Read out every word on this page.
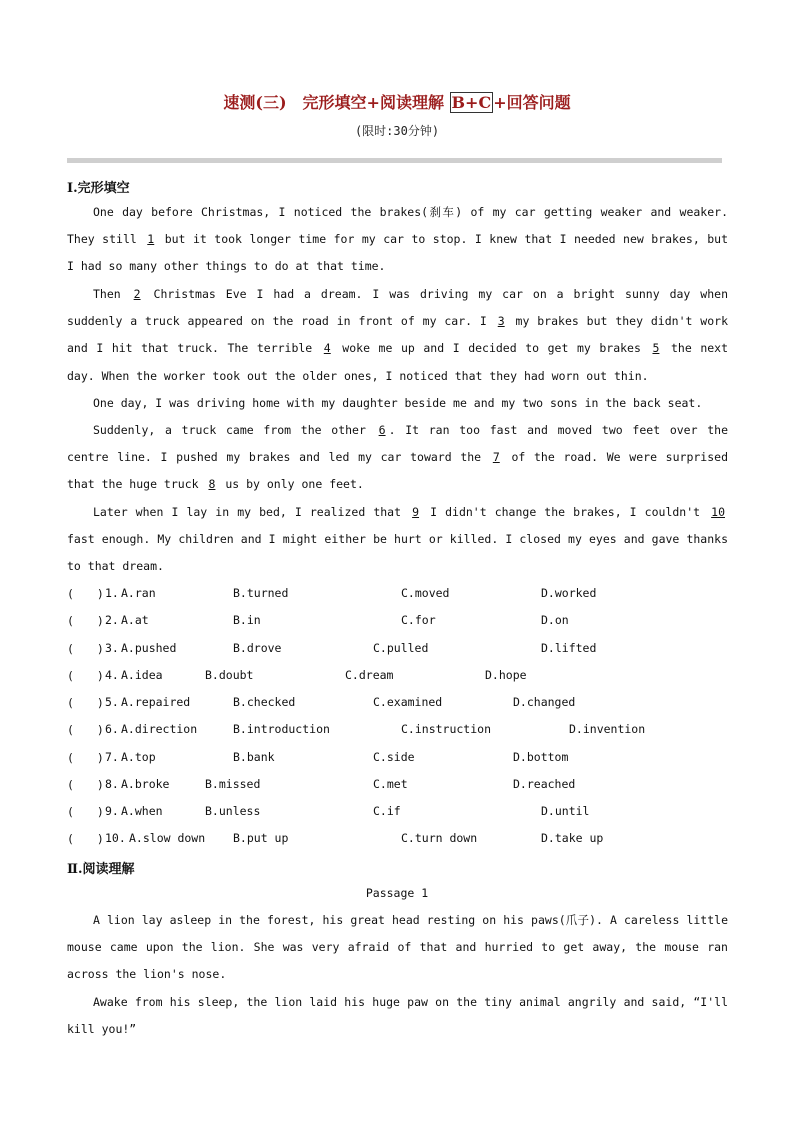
速测(三)　完形填空+阅读理解 B+C +回答问题
(限时:30分钟)
Ⅰ.完形填空
One day before Christmas, I noticed the brakes(刹车) of my car getting weaker and weaker. They still 1 but it took longer time for my car to stop. I knew that I needed new brakes, but I had so many other things to do at that time.
Then 2 Christmas Eve I had a dream. I was driving my car on a bright sunny day when suddenly a truck appeared on the road in front of my car. I 3 my brakes but they didn't work and I hit that truck. The terrible 4 woke me up and I decided to get my brakes 5 the next day. When the worker took out the older ones, I noticed that they had worn out thin.
One day, I was driving home with my daughter beside me and my two sons in the back seat.
Suddenly, a truck came from the other 6 . It ran too fast and moved two feet over the centre line. I pushed my brakes and led my car toward the 7 of the road. We were surprised that the huge truck 8 us by only one feet.
Later when I lay in my bed, I realized that 9 I didn't change the brakes, I couldn't 10 fast enough. My children and I might either be hurt or killed. I closed my eyes and gave thanks to that dream.
(　　) 1. A.ran	B.turned	C.moved	D.worked
(　　) 2. A.at	B.in	C.for	D.on
(　　) 3. A.pushed	B.drove	C.pulled	D.lifted
(　　) 4. A.idea	B.doubt	C.dream	D.hope
(　　) 5. A.repaired	B.checked	C.examined	D.changed
(　　) 6. A.direction	B.introduction	C.instruction	D.invention
(　　) 7. A.top	B.bank	C.side	D.bottom
(　　) 8. A.broke	B.missed	C.met	D.reached
(　　) 9. A.when	B.unless	C.if	D.until
(　　) 10. A.slow down B.put up	C.turn down	D.take up
Ⅱ.阅读理解
Passage 1
A lion lay asleep in the forest, his great head resting on his paws(爪子). A careless little mouse came upon the lion. She was very afraid of that and hurried to get away, the mouse ran across the lion's nose.
Awake from his sleep, the lion laid his huge paw on the tiny animal angrily and said, “I'll kill you!”
